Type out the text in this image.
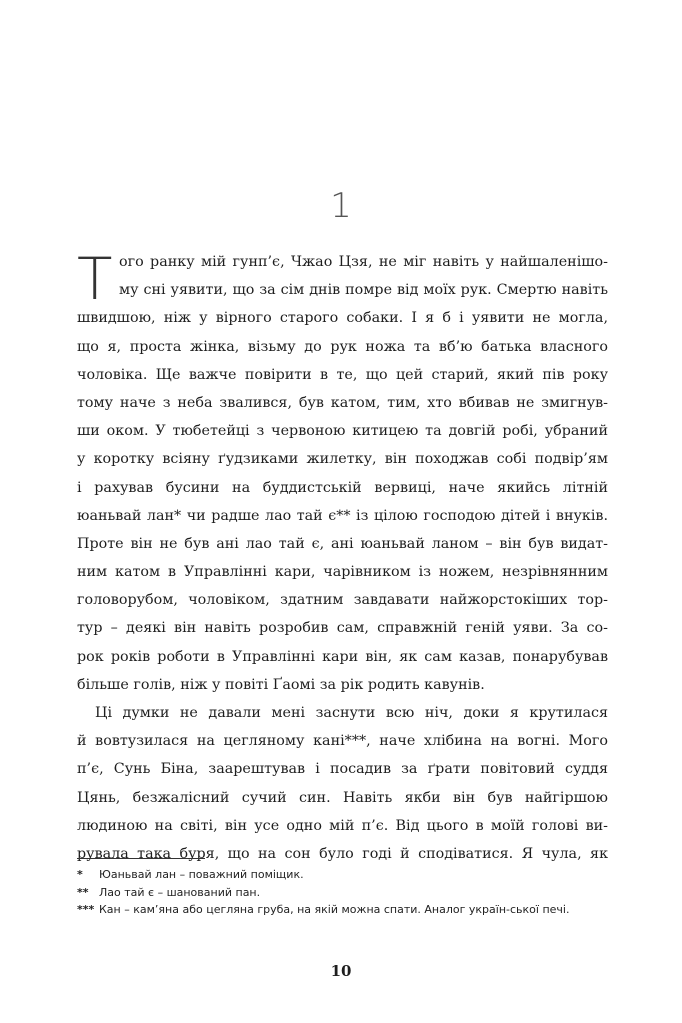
1
Т ого ранку мій гунп’є, Чжао Цзя, не міг навіть у найшаленішо-
му сні уявити, що за сім днів помре від моїх рук. Смертю навіть
швидшою, ніж у вірного старого собаки. І я б і уявити не могла,
що я, проста жінка, візьму до рук ножа та вб’ю батька власного
чоловіка. Ще важче повірити в те, що цей старий, який пів року
тому наче з неба звалився, був катом, тим, хто вбивав не змигнув-
ши оком. У тюбетейці з червоною китицею та довгій робі, убраний
у коротку всіяну ґудзиками жилетку, він походжав собі подвір’ям
і рахував бусини на буддистській вервиці, наче якийсь літній
юаньвай лан* чи радше лао тай є** із цілою господою дітей і внуків.
Проте він не був ані лао тай є, ані юаньвай ланом – він був видат-
ним катом в Управлінні кари, чарівником із ножем, незрівнянним
головорубом, чоловіком, здатним завдавати найжорстокіших тор-
тур – деякі він навіть розробив сам, справжній геній уяви. За со-
рок років роботи в Управлінні кари він, як сам казав, понарубував
більше голів, ніж у повіті Ґаомі за рік родить кавунів.
Ці думки не давали мені заснути всю ніч, доки я крутилася
й вовтузилася на цегляному кані***, наче хлібина на вогні. Мого
п’є, Сунь Біна, заарештував і посадив за ґрати повітовий суддя
Цянь, безжалісний сучий син. Навіть якби він був найгіршою
людиною на світі, він усе одно мій п’є. Від цього в моїй голові ви-
рувала така буря, що на сон було годі й сподіватися. Я чула, як
*	Юаньвай лан – поважний поміщик.
** Лао тай є – шанований пан.
*** Кан – кам’яна або цегляна груба, на якій можна спати. Аналог україн-ської печі.
10
